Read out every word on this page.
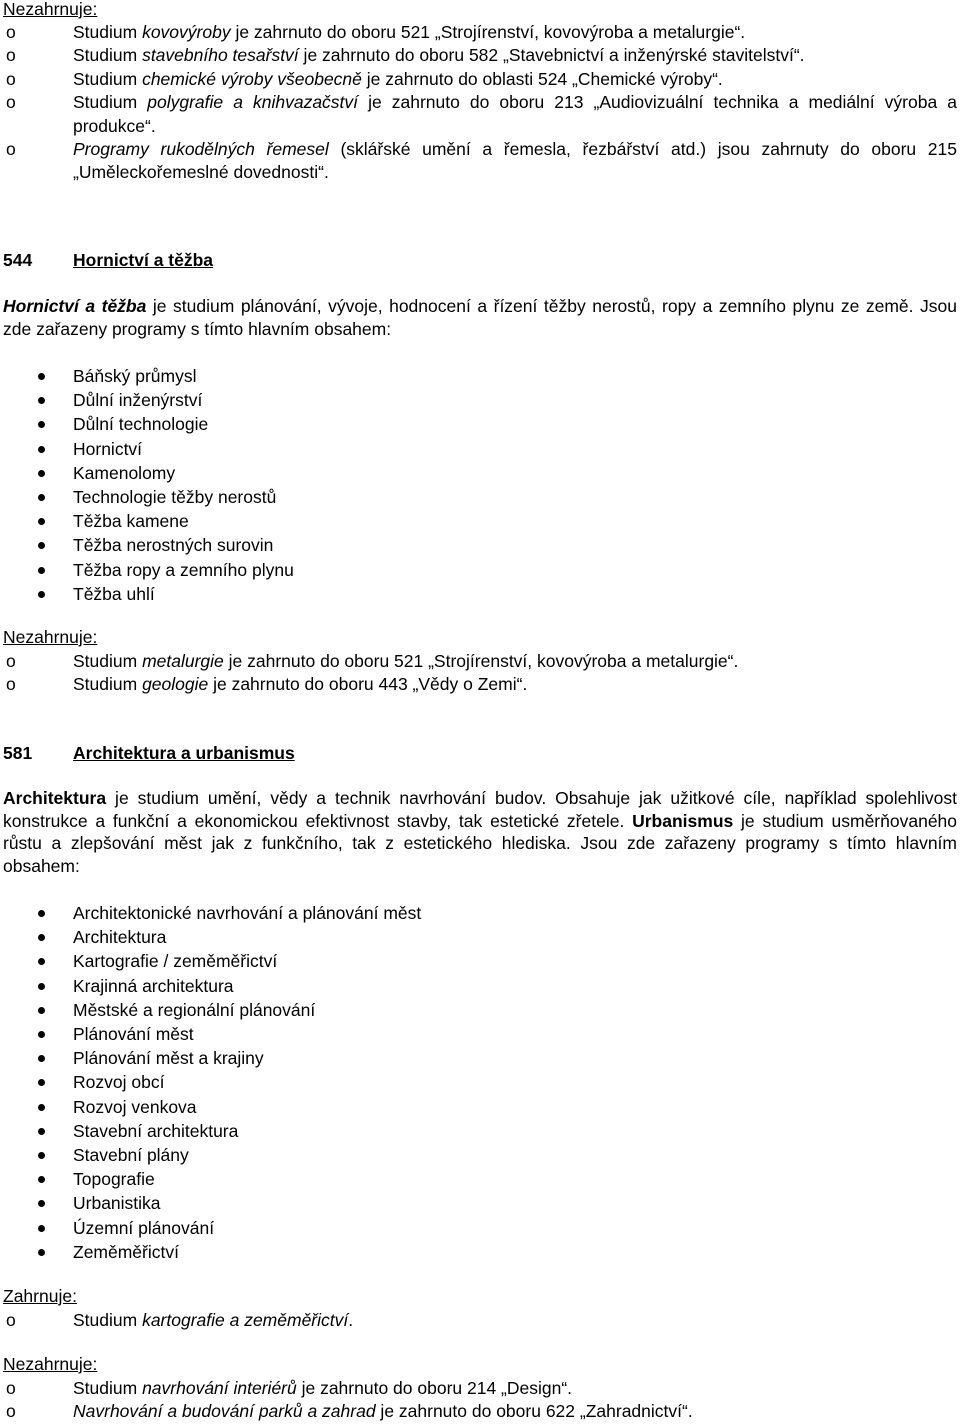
Nezahrnuje:
o	Studium kovovýroby je zahrnuto do oboru 521 „Strojírenství, kovovýroba a metalurgie“.
o	Studium stavebního tesařství je zahrnuto do oboru 582 „Stavebnictví a inženýrské stavitelství“.
o	Studium chemické výroby všeobecně je zahrnuto do oblasti 524 „Chemické výroby“.
o	Studium polygrafie a knihvazačství je zahrnuto do oboru 213 „Audiovizuální technika a mediální výroba a produkce“.
o	Programy rukodělných řemesel (sklářské umění a řemesla, řezbářství atd.) jsou zahrnuty do oboru 215 „Uměleckořemeslné dovednosti“.
544 Hornictví a těžba

Hornictví a těžba je studium plánování, vývoje, hodnocení a řízení těžby nerostů, ropy a zemního plynu ze země. Jsou zde zařazeny programy s tímto hlavním obsahem:

Báňský průmysl
Důlní inženýrství
Důlní technologie
Hornictví
Kamenolomy
Technologie těžby nerostů
Těžba kamene
Těžba nerostných surovin
Těžba ropy a zemního plynu
Těžba uhlí
Nezahrnuje:
o	Studium metalurgie je zahrnuto do oboru 521 „Strojírenství, kovovýroba a metalurgie“.
o	Studium geologie je zahrnuto do oboru 443 „Vědy o Zemi“.
581 Architektura a urbanismus

Architektura je studium umění, vědy a technik navrhování budov. Obsahuje jak užitkové cíle, například spolehlivost konstrukce a funkční a ekonomickou efektivnost stavby, tak estetické zřetele. Urbanismus je studium usměrňovaného růstu a zlepšování měst jak z funkčního, tak z estetického hlediska. Jsou zde zařazeny programy s tímto hlavním obsahem:

Architektonické navrhování a plánování měst
Architektura
Kartografie / zeměměřictví
Krajinná architektura
Městské a regionální plánování
Plánování měst
Plánování měst a krajiny
Rozvoj obcí
Rozvoj venkova
Stavební architektura
Stavební plány
Topografie
Urbanistika
Územní plánování
Zeměměřictví
Zahrnuje:
o	Studium kartografie a zeměměřictví.
Nezahrnuje:
o	Studium navrhování interiérů je zahrnuto do oboru 214 „Design“.
o	Navrhování a budování parků a zahrad je zahrnuto do oboru 622 „Zahradnictví“.
